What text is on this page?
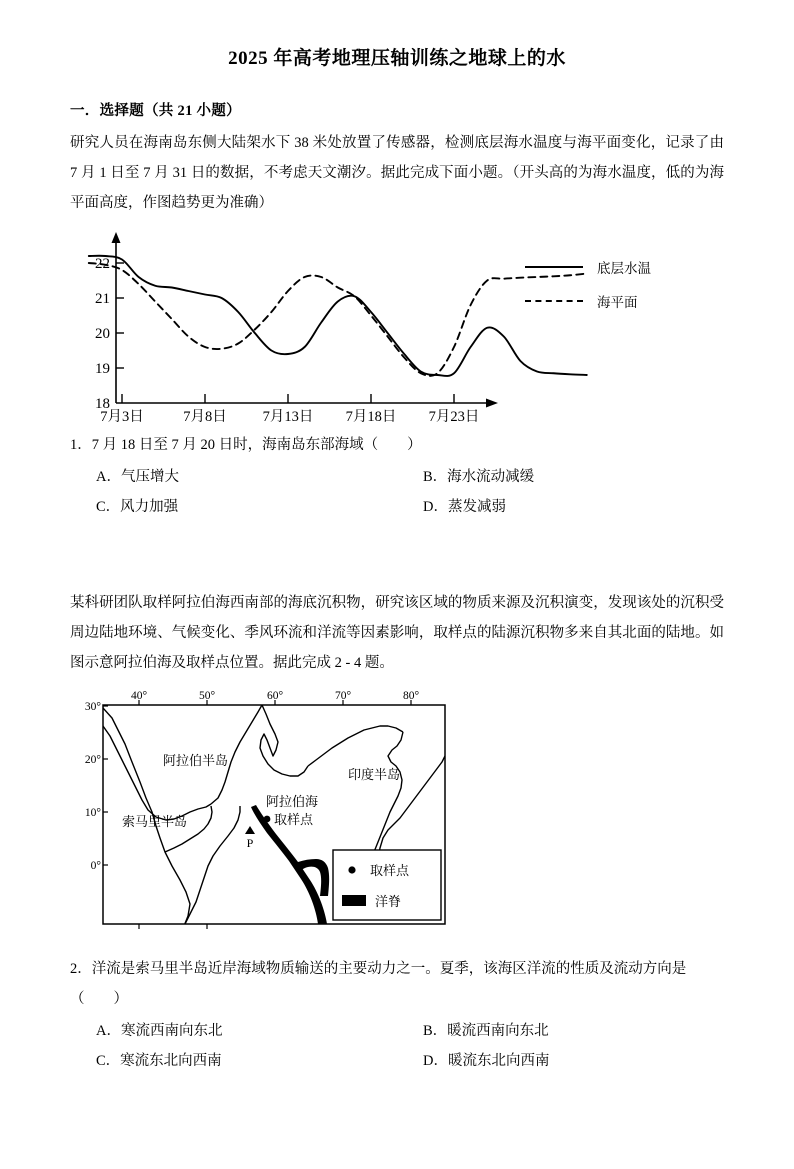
2025 年高考地理压轴训练之地球上的水
一．选择题（共 21 小题）
研究人员在海南岛东侧大陆架水下 38 米处放置了传感器，检测底层海水温度与海平面变化，记录了由 7 月 1 日至 7 月 31 日的数据，不考虑天文潮汐。据此完成下面小题。（开头高的为海水温度，低的为海平面高度，作图趋势更为准确）
22
21
20
19
18
7月3日	7月8日 7月13日 7月18日 7月23日
底层水温
海平面
1．7 月 18 日至 7 月 20 日时，海南岛东部海域（　　）
A．气压增大	B．海水流动减缓
C．风力加强	D．蒸发减弱
某科研团队取样阿拉伯海西南部的海底沉积物，研究该区域的物质来源及沉积演变，发现该处的沉积受周边陆地环境、气候变化、季风环流和洋流等因素影响，取样点的陆源沉积物多来自其北面的陆地。如图示意阿拉伯海及取样点位置。据此完成 2 - 4 题。
40°	50°	60°	70°	80°
30°
20°
10°
0°
阿拉伯半岛
印度半岛
阿拉伯海
索马里半岛	取样点
P
取样点
洋脊
2．洋流是索马里半岛近岸海域物质输送的主要动力之一。夏季，该海区洋流的性质及流动方向是（　　）
A．寒流西南向东北	B．暖流西南向东北
C．寒流东北向西南	D．暖流东北向西南
